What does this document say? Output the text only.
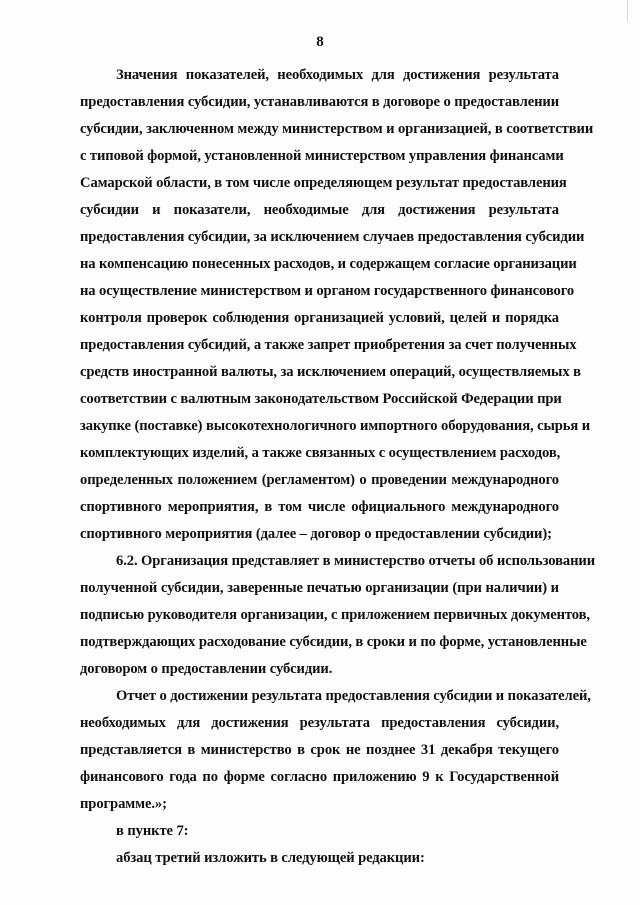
8
Значения показателей, необходимых для достижения результата
предоставления субсидии, устанавливаются в договоре о предоставлении
субсидии, заключенном между министерством и организацией, в соответствии
с типовой формой, установленной министерством управления финансами
Самарской области, в том числе определяющем результат предоставления
субсидии и показатели, необходимые для достижения результата
предоставления субсидии, за исключением случаев предоставления субсидии
на компенсацию понесенных расходов, и содержащем согласие организации
на осуществление министерством и органом государственного финансового
контроля проверок соблюдения организацией условий, целей и порядка
предоставления субсидий, а также запрет приобретения за счет полученных
средств иностранной валюты, за исключением операций, осуществляемых в
соответствии с валютным законодательством Российской Федерации при
закупке (поставке) высокотехнологичного импортного оборудования, сырья и
комплектующих изделий, а также связанных с осуществлением расходов,
определенных положением (регламентом) о проведении международного
спортивного мероприятия, в том числе официального международного
спортивного мероприятия (далее – договор о предоставлении субсидии);
6.2. Организация представляет в министерство отчеты об использовании
полученной субсидии, заверенные печатью организации (при наличии) и
подписью руководителя организации, с приложением первичных документов,
подтверждающих расходование субсидии, в сроки и по форме, установленные
договором о предоставлении субсидии.
Отчет о достижении результата предоставления субсидии и показателей,
необходимых для достижения результата предоставления субсидии,
представляется в министерство в срок не позднее 31 декабря текущего
финансового года по форме согласно приложению 9 к Государственной
программе.»;
в пункте 7:
абзац третий изложить в следующей редакции:
